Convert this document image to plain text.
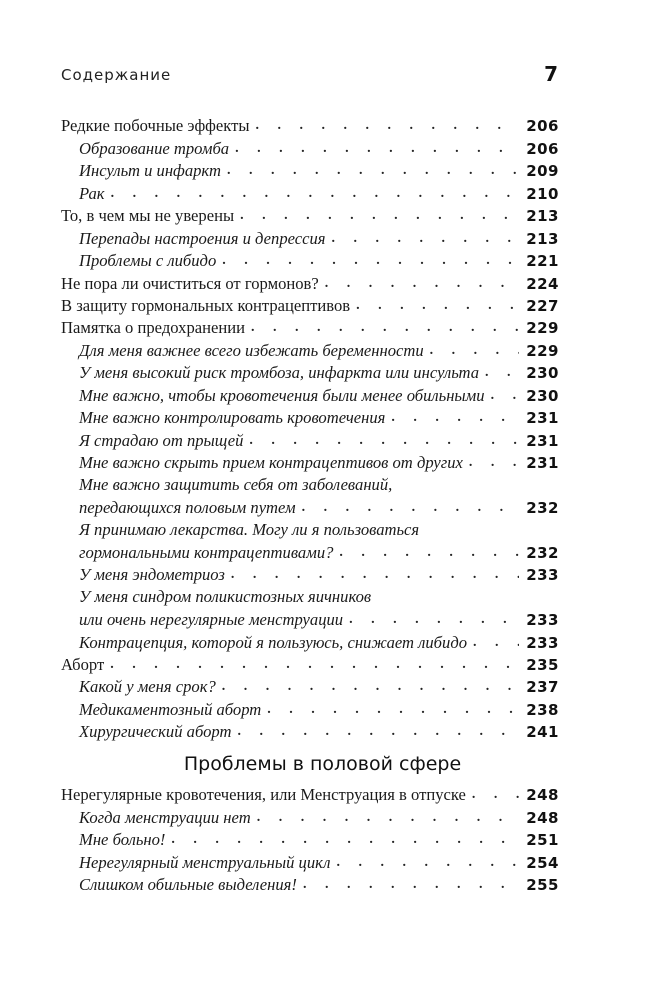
Содержание	7
Редкие побочные эффекты . . .	206
Образование тромба . . .	206
Инсульт и инфаркт . . .	209
Рак . . .	210
То, в чем мы не уверены . . .	213
Перепады настроения и депрессия . . .	213
Проблемы с либидо . . .	221
Не пора ли очиститься от гормонов? . . .	224
В защиту гормональных контрацептивов . . .	227
Памятка о предохранении . . .	229
Для меня важнее всего избежать беременности . . .	229
У меня высокий риск тромбоза, инфаркта или инсульта . . .	230
Мне важно, чтобы кровотечения были менее обильными . . .	230
Мне важно контролировать кровотечения . . .	231
Я страдаю от прыщей . . .	231
Мне важно скрыть прием контрацептивов от других . . .	231
Мне важно защитить себя от заболеваний,
передающихся половым путем . . .	232
Я принимаю лекарства. Могу ли я пользоваться
гормональными контрацептивами? . . .	232
У меня эндометриоз . . .	233
У меня синдром поликистозных яичников
или очень нерегулярные менструации . . .	233
Контрацепция, которой я пользуюсь, снижает либидо . . .	233
Аборт . . .	235
Какой у меня срок? . . .	237
Медикаментозный аборт . . .	238
Хирургический аборт . . .	241
Проблемы в половой сфере
Нерегулярные кровотечения, или Менструация в отпуске . . .	248
Когда менструации нет . . .	248
Мне больно! . . .	251
Нерегулярный менструальный цикл . . .	254
Слишком обильные выделения! . . .	255
